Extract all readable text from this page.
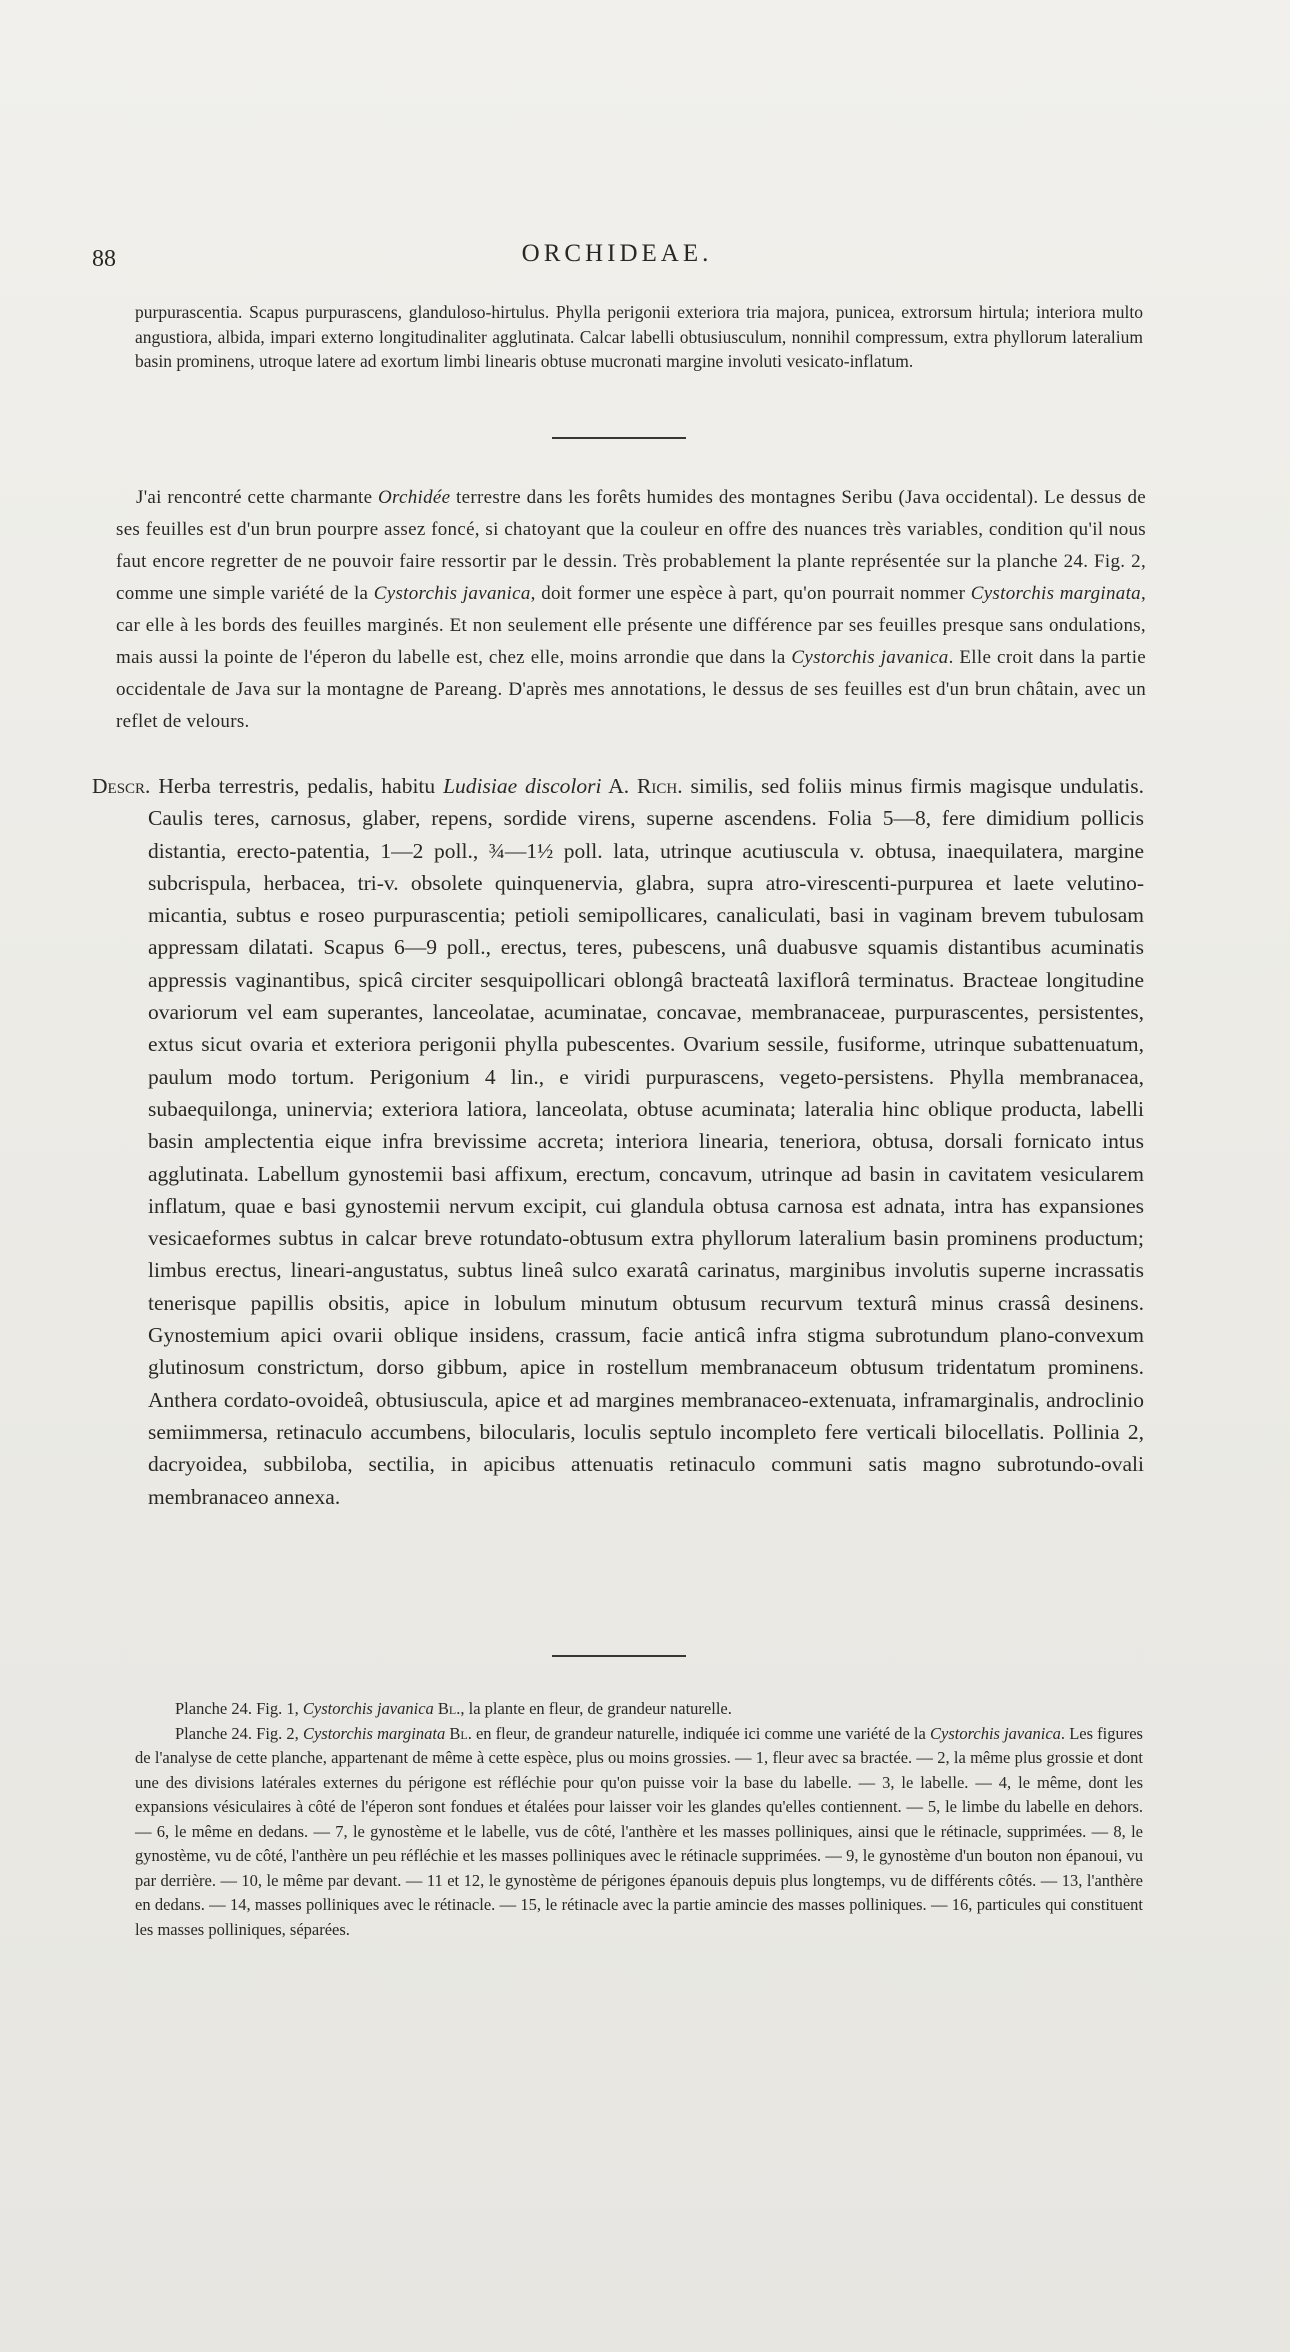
88	ORCHIDEAE.
purpurascentia. Scapus purpurascens, glanduloso-hirtulus. Phylla perigonii exteriora tria majora, punicea, extrorsum hirtula; interiora multo angustiora, albida, impari externo longitudinaliter agglutinata. Calcar labelli obtusiusculum, nonnihil compressum, extra phyllorum lateralium basin prominens, utroque latere ad exortum limbi linearis obtuse mucronati margine involuti vesicato-inflatum.

J'ai rencontré cette charmante Orchidée terrestre dans les forêts humides des montagnes Seribu (Java occidental). Le dessus de ses feuilles est d'un brun pourpre assez foncé, si chatoyant que la couleur en offre des nuances très variables, condition qu'il nous faut encore regretter de ne pouvoir faire ressortir par le dessin. Très probablement la plante représentée sur la planche 24. Fig. 2, comme une simple variété de la Cystorchis javanica, doit former une espèce à part, qu'on pourrait nommer Cystorchis marginata, car elle à les bords des feuilles marginés. Et non seulement elle présente une différence par ses feuilles presque sans ondulations, mais aussi la pointe de l'éperon du labelle est, chez elle, moins arrondie que dans la Cystorchis javanica. Elle croit dans la partie occidentale de Java sur la montagne de Pareang. D'après mes annotations, le dessus de ses feuilles est d'un brun châtain, avec un reflet de velours.

Descr. Herba terrestris, pedalis, habitu Ludisiae discolori A. Rich. similis, sed foliis minus firmis magisque undulatis. Caulis teres, carnosus, glaber, repens, sordide virens, superne ascendens. Folia 5—8, fere dimidium pollicis distantia, erecto-patentia, 1—2 poll., ¾—1½ poll. lata, utrinque acutiuscula v. obtusa, inaequilatera, margine subcrispula, herbacea, tri-v. obsolete quinquenervia, glabra, supra atro-virescenti-purpurea et laete velutino-micantia, subtus e roseo purpurascentia; petioli semipollicares, canaliculati, basi in vaginam brevem tubulosam appressam dilatati. Scapus 6—9 poll., erectus, teres, pubescens, unâ duabusve squamis distantibus acuminatis appressis vaginantibus, spicâ circiter sesquipollicari oblongâ bracteatâ laxiflorâ terminatus. Bracteae longitudine ovariorum vel eam superantes, lanceolatae, acuminatae, concavae, membranaceae, purpurascentes, persistentes, extus sicut ovaria et exteriora perigonii phylla pubescentes. Ovarium sessile, fusiforme, utrinque subattenuatum, paulum modo tortum. Perigonium 4 lin., e viridi purpurascens, vegeto-persistens. Phylla membranacea, subaequilonga, uninervia; exteriora latiora, lanceolata, obtuse acuminata; lateralia hinc oblique producta, labelli basin amplectentia eique infra brevissime accreta; interiora linearia, teneriora, obtusa, dorsali fornicato intus agglutinata. Labellum gynostemii basi affixum, erectum, concavum, utrinque ad basin in cavitatem vesicularem inflatum, quae e basi gynostemii nervum excipit, cui glandula obtusa carnosa est adnata, intra has expansiones vesicaeformes subtus in calcar breve rotundato-obtusum extra phyllorum lateralium basin prominens productum; limbus erectus, lineari-angustatus, subtus lineâ sulco exaratâ carinatus, marginibus involutis superne incrassatis tenerisque papillis obsitis, apice in lobulum minutum obtusum recurvum texturâ minus crassâ desinens. Gynostemium apici ovarii oblique insidens, crassum, facie anticâ infra stigma subrotundum plano-convexum glutinosum constrictum, dorso gibbum, apice in rostellum membranaceum obtusum tridentatum prominens. Anthera cordato-ovoideâ, obtusiuscula, apice et ad margines membranaceo-extenuata, inframarginalis, androclinio semiimmersa, retinaculo accumbens, bilocularis, loculis septulo incompleto fere verticali bilocellatis. Pollinia 2, dacryoidea, subbiloba, sectilia, in apicibus attenuatis retinaculo communi satis magno subrotundo-ovali membranaceo annexa.

Planche 24. Fig. 1, Cystorchis javanica Bl., la plante en fleur, de grandeur naturelle.

Planche 24. Fig. 2, Cystorchis marginata Bl. en fleur, de grandeur naturelle, indiquée ici comme une variété de la Cystorchis javanica. Les figures de l'analyse de cette planche, appartenant de même à cette espèce, plus ou moins grossies. — 1, fleur avec sa bractée. — 2, la même plus grossie et dont une des divisions latérales externes du périgone est réfléchie pour qu'on puisse voir la base du labelle. — 3, le labelle. — 4, le même, dont les expansions vésiculaires à côté de l'éperon sont fondues et étalées pour laisser voir les glandes qu'elles contiennent. — 5, le limbe du labelle en dehors. — 6, le même en dedans. — 7, le gynostème et le labelle, vus de côté, l'anthère et les masses polliniques, ainsi que le rétinacle, supprimées. — 8, le gynostème, vu de côté, l'anthère un peu réfléchie et les masses polliniques avec le rétinacle supprimées. — 9, le gynostème d'un bouton non épanoui, vu par derrière. — 10, le même par devant. — 11 et 12, le gynostème de périgones épanouis depuis plus longtemps, vu de différents côtés. — 13, l'anthère en dedans. — 14, masses polliniques avec le rétinacle. — 15, le rétinacle avec la partie amincie des masses polliniques. — 16, particules qui constituent les masses polliniques, séparées.
